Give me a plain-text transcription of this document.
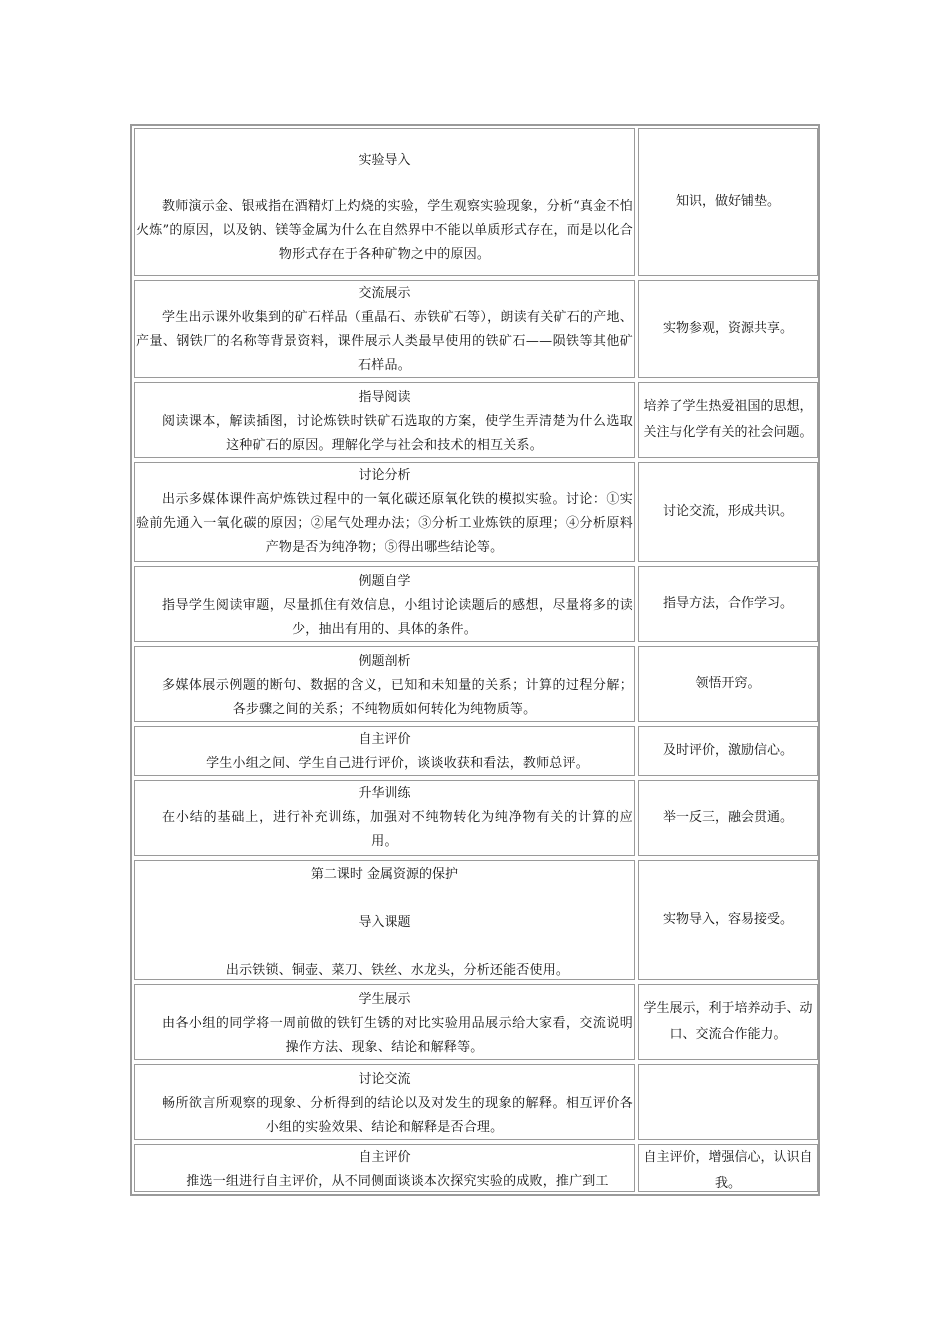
实验导入
教师演示金、银戒指在酒精灯上灼烧的实验，学生观察实验现象，分析“真金不怕火炼”的原因，以及钠、镁等金属为什么在自然界中不能以单质形式存在，而是以化合物形式存在于各种矿物之中的原因。
知识，做好铺垫。
交流展示
学生出示课外收集到的矿石样品（重晶石、赤铁矿石等），朗读有关矿石的产地、产量、钢铁厂的名称等背景资料，课件展示人类最早使用的铁矿石——陨铁等其他矿石样品。
实物参观，资源共享。
指导阅读
阅读课本，解读插图，讨论炼铁时铁矿石选取的方案，使学生弄清楚为什么选取这种矿石的原因。理解化学与社会和技术的相互关系。
培养了学生热爱祖国的思想，关注与化学有关的社会问题。
讨论分析
出示多媒体课件高炉炼铁过程中的一氧化碳还原氧化铁的模拟实验。讨论：①实验前先通入一氧化碳的原因；②尾气处理办法；③分析工业炼铁的原理；④分析原料产物是否为纯净物；⑤得出哪些结论等。
讨论交流，形成共识。
例题自学
指导学生阅读审题，尽量抓住有效信息，小组讨论读题后的感想，尽量将多的读少，抽出有用的、具体的条件。
指导方法，合作学习。
例题剖析
多媒体展示例题的断句、数据的含义，已知和未知量的关系；计算的过程分解；各步骤之间的关系；不纯物质如何转化为纯物质等。
领悟开窍。
自主评价
学生小组之间、学生自己进行评价，谈谈收获和看法，教师总评。
及时评价，激励信心。
升华训练
在小结的基础上，进行补充训练，加强对不纯物转化为纯净物有关的计算的应用。
举一反三，融会贯通。
第二课时 金属资源的保护
导入课题
出示铁锁、铜壶、菜刀、铁丝、水龙头，分析还能否使用。
实物导入，容易接受。
学生展示
由各小组的同学将一周前做的铁钉生锈的对比实验用品展示给大家看，交流说明操作方法、现象、结论和解释等。
学生展示，利于培养动手、动口、交流合作能力。
讨论交流
畅所欲言所观察的现象、分析得到的结论以及对发生的现象的解释。相互评价各小组的实验效果、结论和解释是否合理。
自主评价
推选一组进行自主评价，从不同侧面谈谈本次探究实验的成败，推广到工
自主评价，增强信心，认识自我。
